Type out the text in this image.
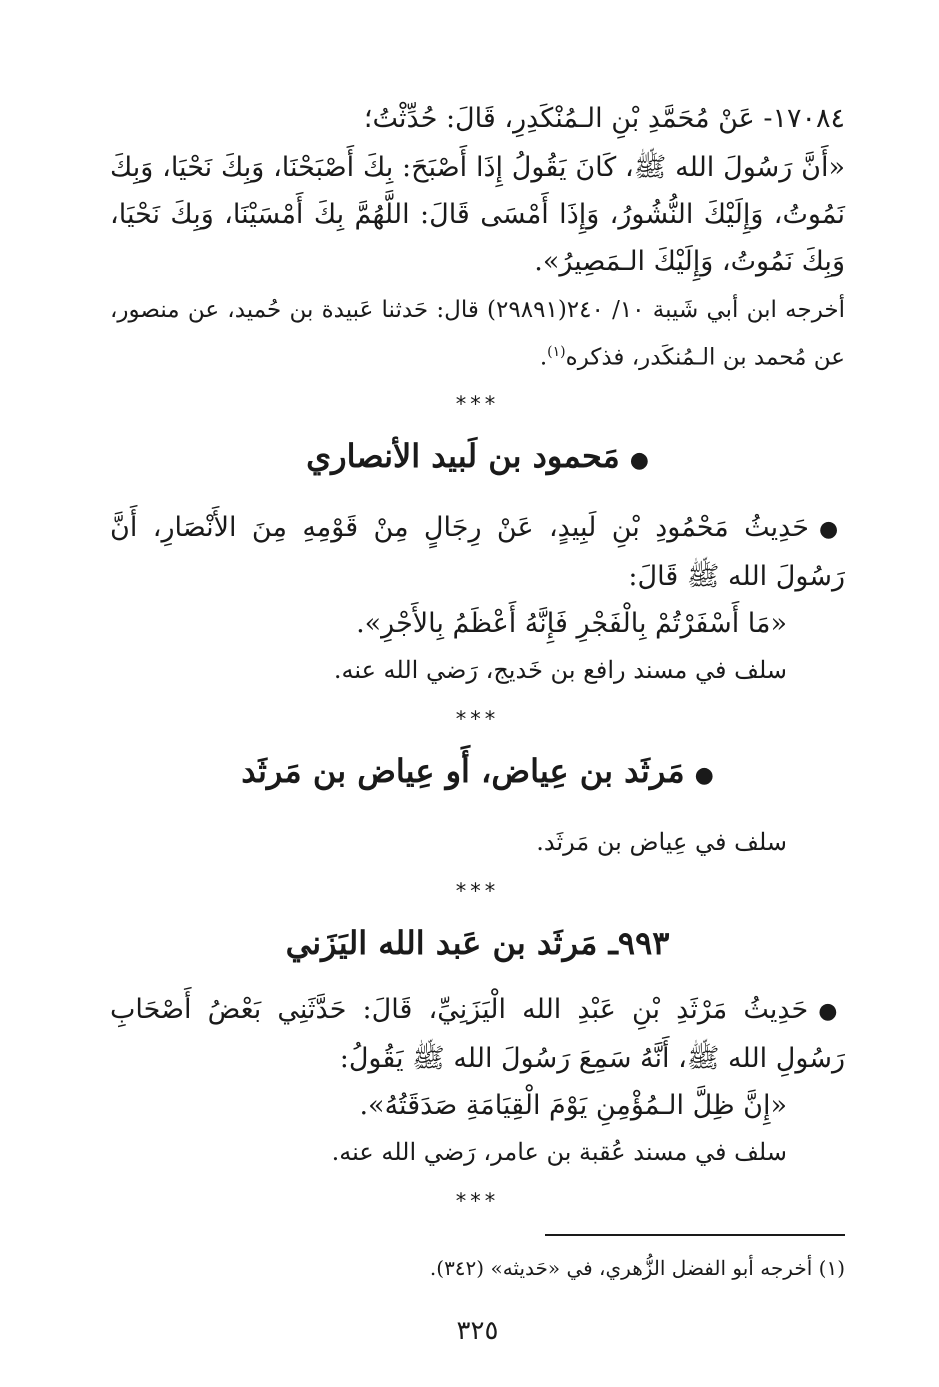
١٧٠٨٤- عَنْ مُحَمَّدِ بْنِ الـمُنْكَدِرِ، قَالَ: حُدِّثْتُ؛
«أَنَّ رَسُولَ الله ﷺ، كَانَ يَقُولُ إِذَا أَصْبَحَ: بِكَ أَصْبَحْنَا، وَبِكَ نَحْيَا، وَبِكَ نَمُوتُ، وَإِلَيْكَ النُّشُورُ، وَإِذَا أَمْسَى قَالَ: اللَّهُمَّ بِكَ أَمْسَيْنَا، وَبِكَ نَحْيَا، وَبِكَ نَمُوتُ، وَإِلَيْكَ الـمَصِيرُ».
أخرجه ابن أبي شَيبة ١٠/ ٢٤٠(٢٩٨٩١) قال: حَدثنا عَبيدة بن حُميد، عن منصور، عن مُحمد بن الـمُنكَدر، فذكره$^{(١)}$.
***
●مَحمود بن لَبيد الأنصاري
●حَدِيثُ مَحْمُودِ بْنِ لَبِيدٍ، عَنْ رِجَالٍ مِنْ قَوْمِهِ مِنَ الأَنْصَارِ، أَنَّ رَسُولَ الله ﷺ قَالَ:
«مَا أَسْفَرْتُمْ بِالْفَجْرِ فَإِنَّهُ أَعْظَمُ بِالأَجْرِ».
سلف في مسند رافع بن خَديج، رَضي الله عنه.
***
●مَرثَد بن عِياض، أَو عِياض بن مَرثَد
سلف في عِياض بن مَرثَد.
***
٩٩٣ـ مَرثَد بن عَبد الله اليَزَني
●حَدِيثُ مَرْثَدِ بْنِ عَبْدِ الله الْيَزَنِيِّ، قَالَ: حَدَّثَنِي بَعْضُ أَصْحَابِ رَسُولِ الله ﷺ، أَنَّهُ سَمِعَ رَسُولَ الله ﷺ يَقُولُ:
«إِنَّ ظِلَّ الـمُؤْمِنِ يَوْمَ الْقِيَامَةِ صَدَقَتُهُ».
سلف في مسند عُقبة بن عامر، رَضي الله عنه.
***
(١) أخرجه أبو الفضل الزُّهري، في «حَديثه» (٣٤٢).
٣٢٥
